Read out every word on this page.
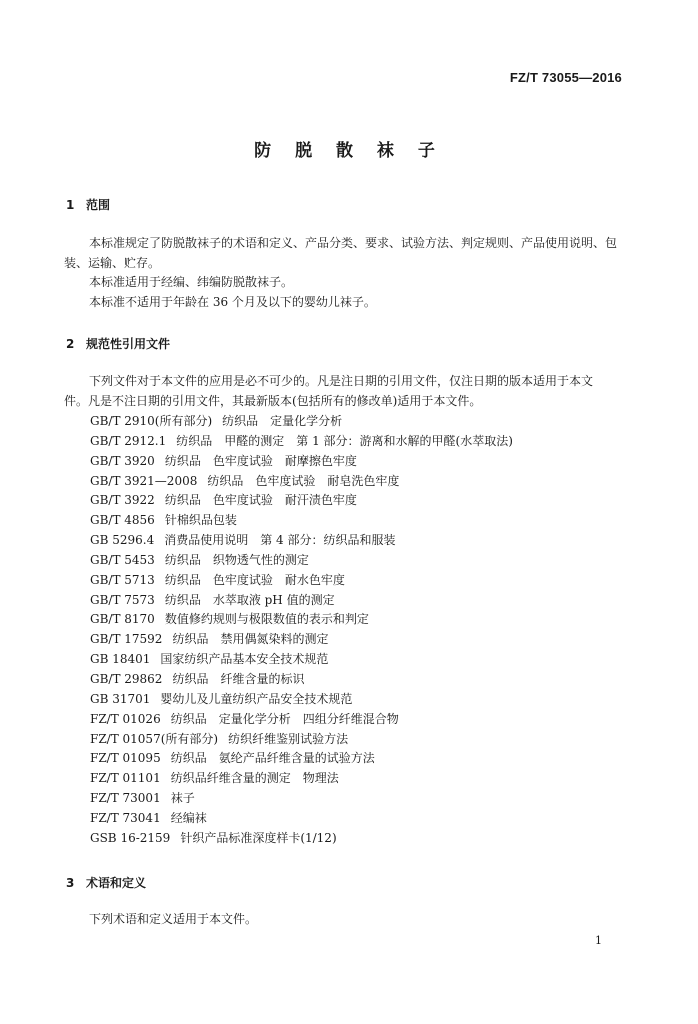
FZ/T 73055—2016
防 脱 散 袜 子
1 范围
本标准规定了防脱散袜子的术语和定义、产品分类、要求、试验方法、判定规则、产品使用说明、包
装、运输、贮存。
本标准适用于经编、纬编防脱散袜子。
本标准不适用于年龄在 36 个月及以下的婴幼儿袜子。
2 规范性引用文件
下列文件对于本文件的应用是必不可少的。凡是注日期的引用文件，仅注日期的版本适用于本文
件。凡是不注日期的引用文件，其最新版本(包括所有的修改单)适用于本文件。
GB/T 2910(所有部分) 纺织品　定量化学分析
GB/T 2912.1 纺织品　甲醛的测定　第 1 部分：游离和水解的甲醛(水萃取法)
GB/T 3920 纺织品　色牢度试验　耐摩擦色牢度
GB/T 3921—2008 纺织品　色牢度试验　耐皂洗色牢度
GB/T 3922 纺织品　色牢度试验　耐汗渍色牢度
GB/T 4856 针棉织品包装
GB 5296.4 消费品使用说明　第 4 部分：纺织品和服装
GB/T 5453 纺织品　织物透气性的测定
GB/T 5713 纺织品　色牢度试验　耐水色牢度
GB/T 7573 纺织品　水萃取液 pH 值的测定
GB/T 8170 数值修约规则与极限数值的表示和判定
GB/T 17592 纺织品　禁用偶氮染料的测定
GB 18401 国家纺织产品基本安全技术规范
GB/T 29862 纺织品　纤维含量的标识
GB 31701 婴幼儿及儿童纺织产品安全技术规范
FZ/T 01026 纺织品　定量化学分析　四组分纤维混合物
FZ/T 01057(所有部分) 纺织纤维鉴别试验方法
FZ/T 01095 纺织品　氨纶产品纤维含量的试验方法
FZ/T 01101 纺织品纤维含量的测定　物理法
FZ/T 73001 袜子
FZ/T 73041 经编袜
GSB 16-2159 针织产品标准深度样卡(1/12)
3 术语和定义
下列术语和定义适用于本文件。
1
